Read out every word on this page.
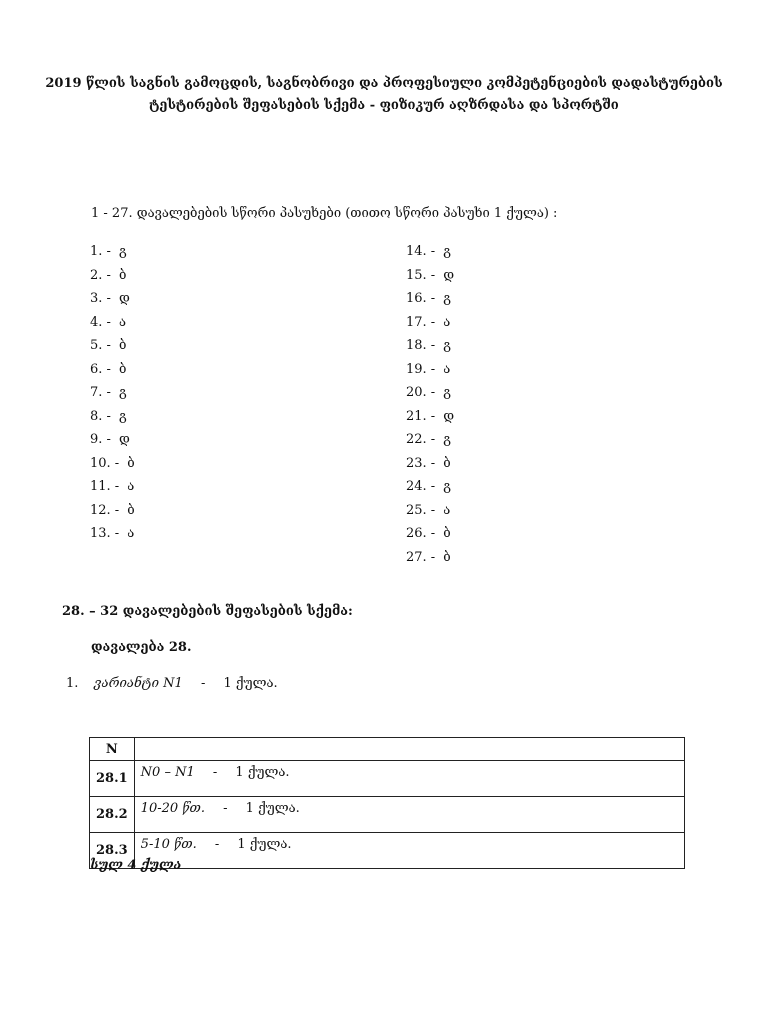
2019 წლის საგნის გამოცდის, საგნობრივი და პროფესიული კომპეტენციების დადასტურების
ტესტირების შეფასების სქემა - ფიზიკურ აღზრდასა და სპორტში
1 - 27. დავალებების სწორი პასუხები (თითო სწორი პასუხი 1 ქულა) :
1. - გ
2. - ბ
3. - დ
4. - ა
5. - ბ
6. - ბ
7. - გ
8. - გ
9. - დ
10. - ბ
11. - ა
12. - ბ
13. - ა
14. - გ
15. - დ
16. - გ
17. - ა
18. - გ
19. - ა
20. - გ
21. - დ
22. - გ
23. - ბ
24. - გ
25. - ა
26. - ბ
27. - ბ
28. – 32 დავალებების შეფასების სქემა:
დავალება 28.
1. ვარიანტი N1 - 1 ქულა.
N	
28.1	N0 – N1 - 1 ქულა.
28.2	10-20 წთ. - 1 ქულა.
28.3	5-10 წთ. - 1 ქულა.
სულ 4 ქულა
